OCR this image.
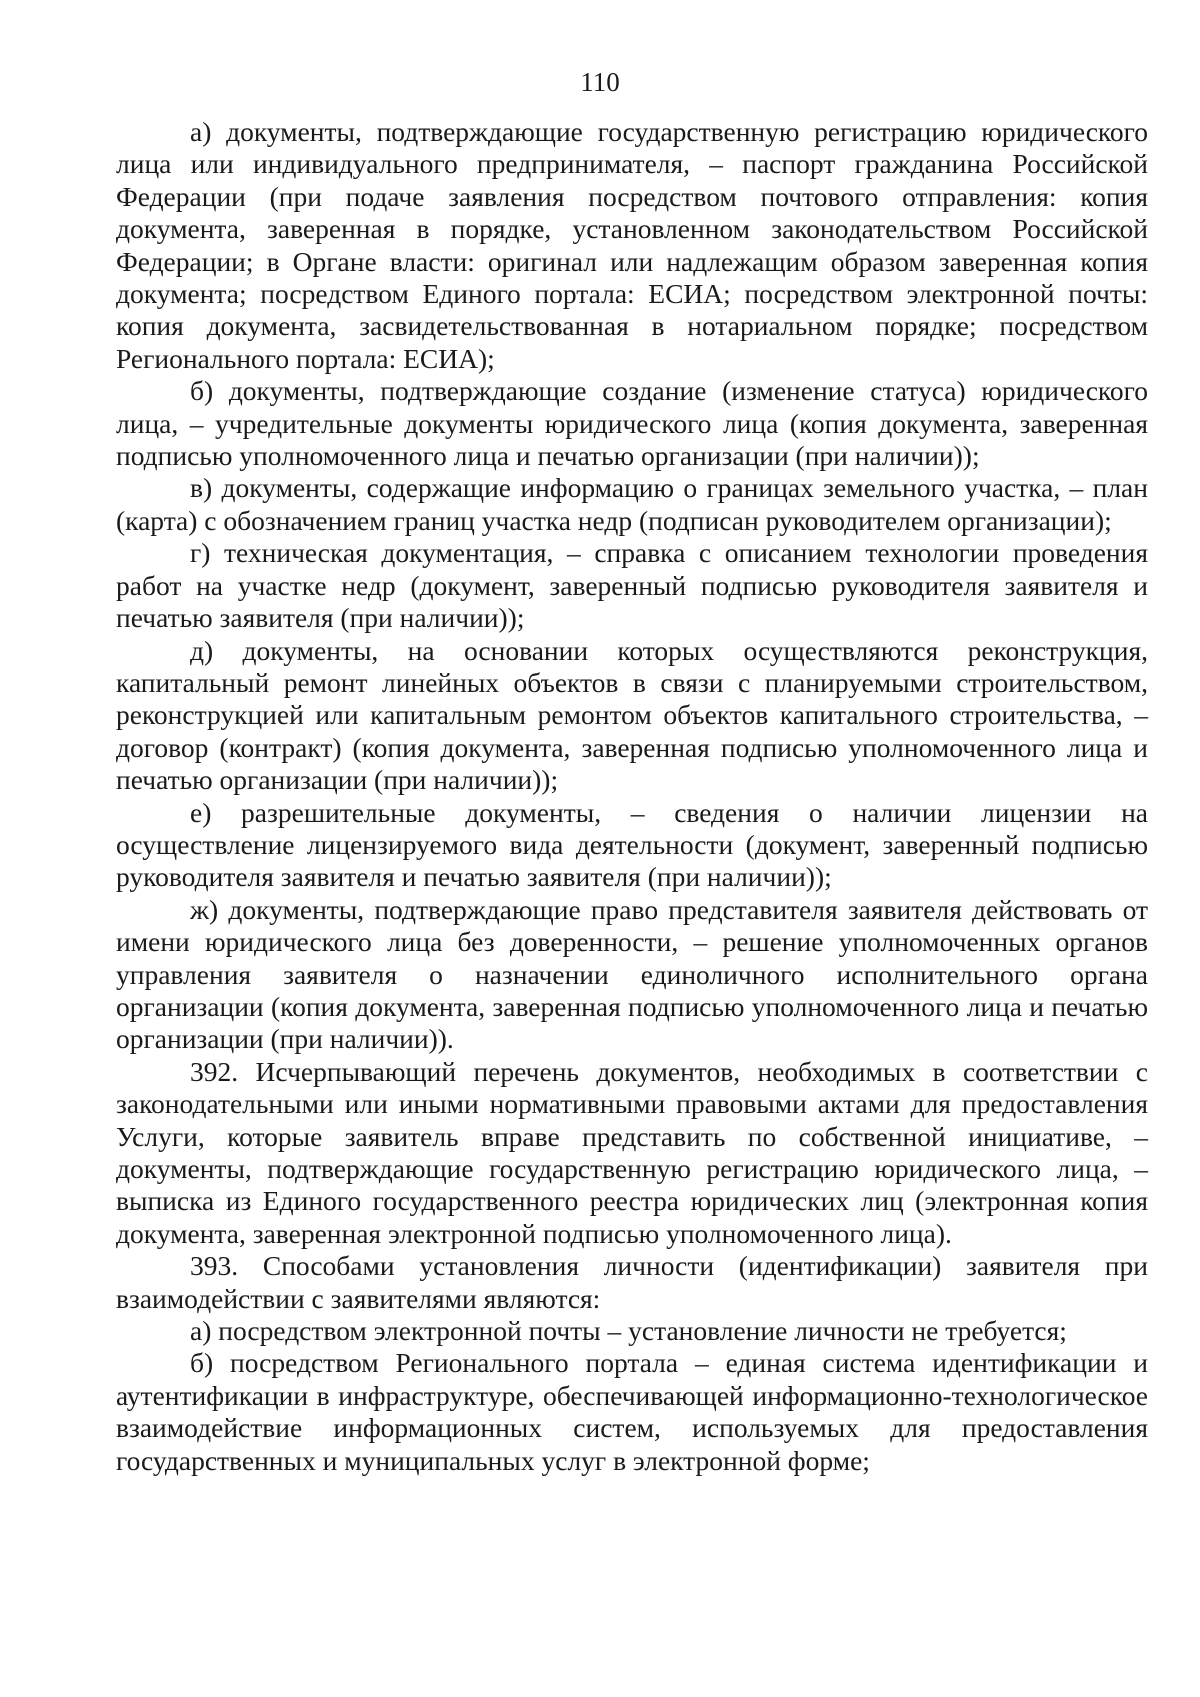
110

а) документы, подтверждающие государственную регистрацию юридического лица или индивидуального предпринимателя, – паспорт гражданина Российской Федерации (при подаче заявления посредством почтового отправления: копия документа, заверенная в порядке, установленном законодательством Российской Федерации; в Органе власти: оригинал или надлежащим образом заверенная копия документа; посредством Единого портала: ЕСИА; посредством электронной почты: копия документа, засвидетельствованная в нотариальном порядке; посредством Регионального портала: ЕСИА);

б) документы, подтверждающие создание (изменение статуса) юридического лица, – учредительные документы юридического лица (копия документа, заверенная подписью уполномоченного лица и печатью организации (при наличии));

в) документы, содержащие информацию о границах земельного участка, – план (карта) с обозначением границ участка недр (подписан руководителем организации);

г) техническая документация, – справка с описанием технологии проведения работ на участке недр (документ, заверенный подписью руководителя заявителя и печатью заявителя (при наличии));

д) документы, на основании которых осуществляются реконструкция, капитальный ремонт линейных объектов в связи с планируемыми строительством, реконструкцией или капитальным ремонтом объектов капитального строительства, – договор (контракт) (копия документа, заверенная подписью уполномоченного лица и печатью организации (при наличии));

е) разрешительные документы, – сведения о наличии лицензии на осуществление лицензируемого вида деятельности (документ, заверенный подписью руководителя заявителя и печатью заявителя (при наличии));

ж) документы, подтверждающие право представителя заявителя действовать от имени юридического лица без доверенности, – решение уполномоченных органов управления заявителя о назначении единоличного исполнительного органа организации (копия документа, заверенная подписью уполномоченного лица и печатью организации (при наличии)).

392. Исчерпывающий перечень документов, необходимых в соответствии с законодательными или иными нормативными правовыми актами для предоставления Услуги, которые заявитель вправе представить по собственной инициативе, – документы, подтверждающие государственную регистрацию юридического лица, – выписка из Единого государственного реестра юридических лиц (электронная копия документа, заверенная электронной подписью уполномоченного лица).

393. Способами установления личности (идентификации) заявителя при взаимодействии с заявителями являются:

а) посредством электронной почты – установление личности не требуется;

б) посредством Регионального портала – единая система идентификации и аутентификации в инфраструктуре, обеспечивающей информационно-технологическое взаимодействие информационных систем, используемых для предоставления государственных и муниципальных услуг в электронной форме;
